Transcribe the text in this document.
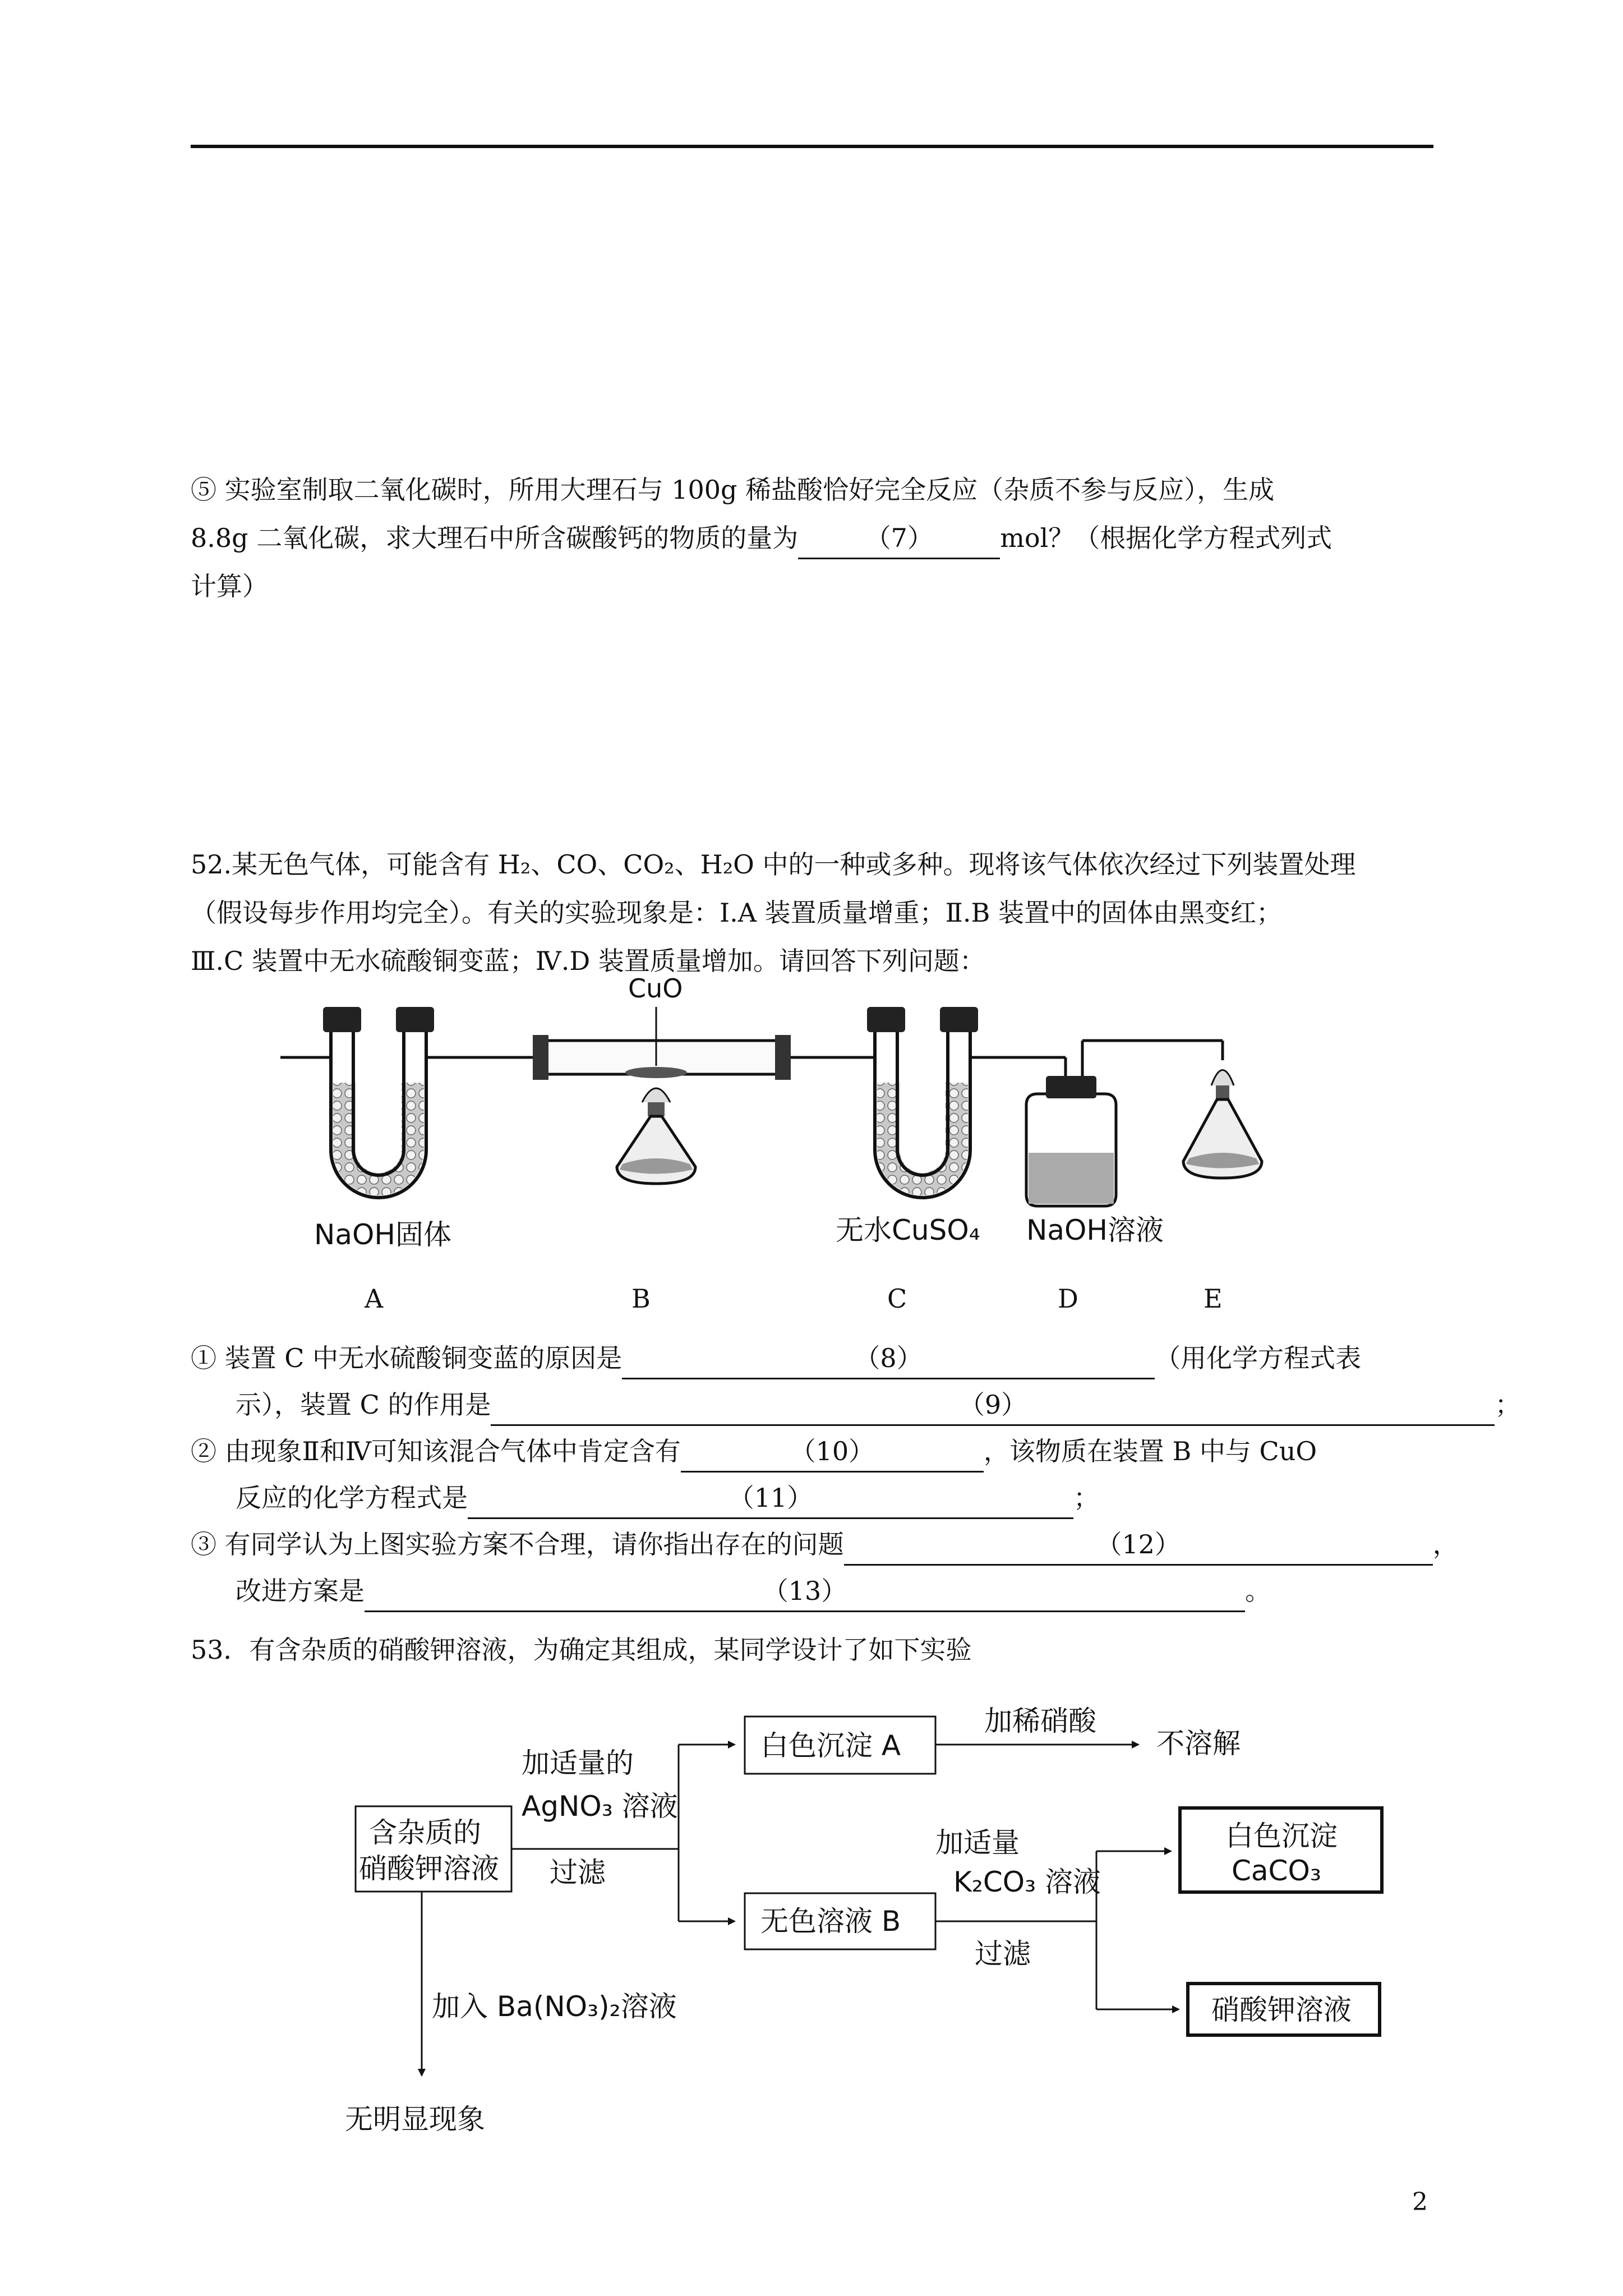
⑤ 实验室制取二氧化碳时，所用大理石与 100g 稀盐酸恰好完全反应（杂质不参与反应），生成
8.8g 二氧化碳，求大理石中所含碳酸钙的物质的量为	（7）	mol？（根据化学方程式列式
计算）
52.某无色气体，可能含有 H₂、CO、CO₂、H₂O 中的一种或多种。现将该气体依次经过下列装置处理
（假设每步作用均完全）。有关的实验现象是：Ⅰ.A 装置质量增重；Ⅱ.B 装置中的固体由黑变红；
Ⅲ.C 装置中无水硫酸铜变蓝；Ⅳ.D 装置质量增加。请回答下列问题：
CuO
NaOH固体	无水CuSO₄ NaOH溶液
A	B	C	D	E
① 装置 C 中无水硫酸铜变蓝的原因是	（8）	（用化学方程式表
示），装置 C 的作用是	（9）	；
② 由现象Ⅱ和Ⅳ可知该混合气体中肯定含有	（10）	，该物质在装置 B 中与 CuO
反应的化学方程式是	（11）	；
③ 有同学认为上图实验方案不合理，请你指出存在的问题	（12）	，
改进方案是	（13）	。
53．有含杂质的硝酸钾溶液，为确定其组成，某同学设计了如下实验
含杂质的
硝酸钾溶液
加适量的
AgNO₃ 溶液
过滤
白色沉淀 A
加稀硝酸
不溶解
无色溶液 B
加适量
K₂CO₃ 溶液
过滤
白色沉淀
CaCO₃
硝酸钾溶液
加入 Ba(NO₃)₂溶液
无明显现象
2
